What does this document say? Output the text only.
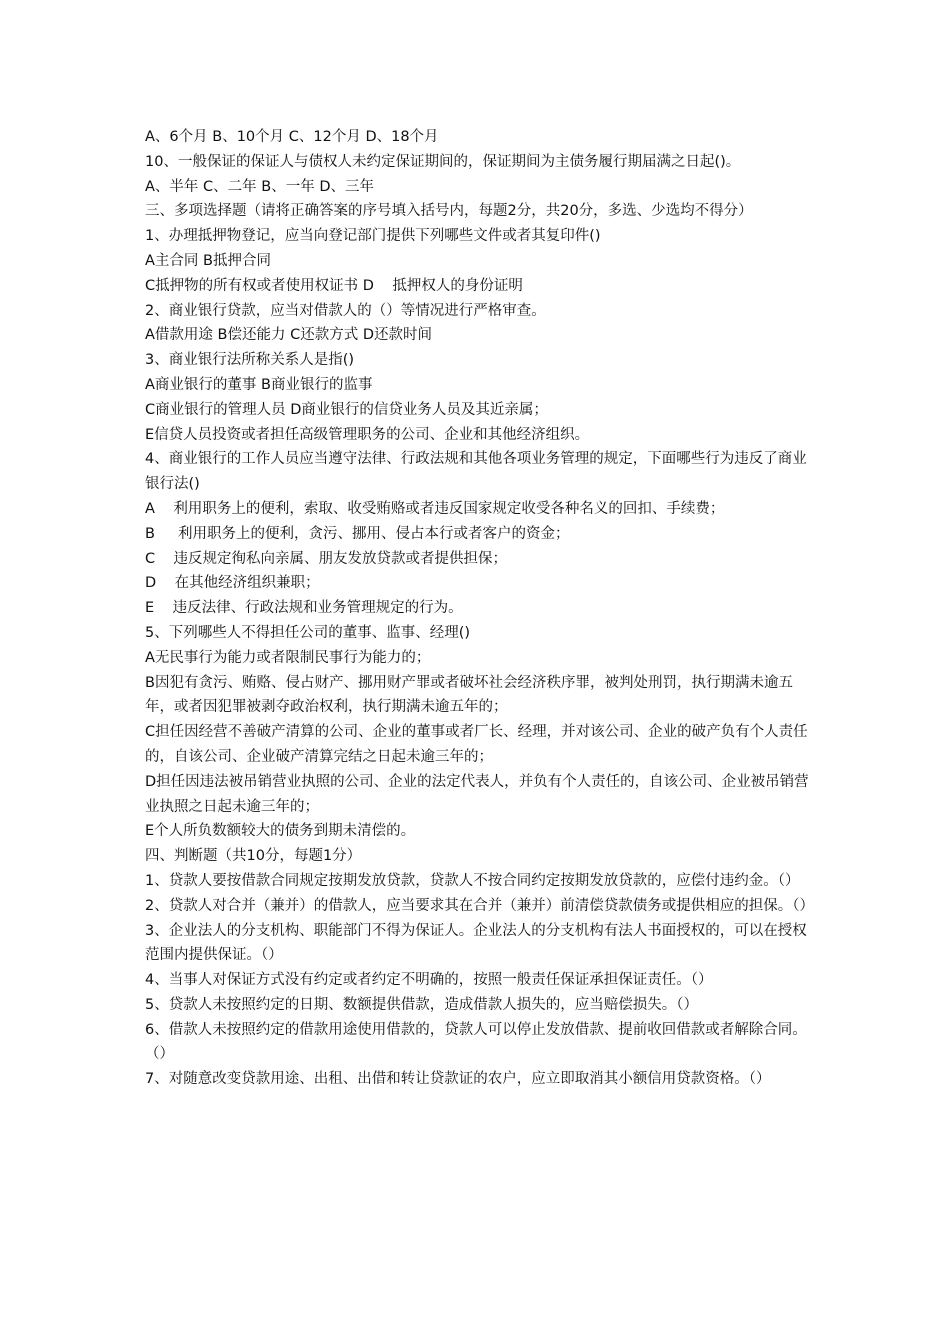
A、6个月 B、10个月 C、12个月 D、18个月

10、一般保证的保证人与债权人未约定保证期间的，保证期间为主债务履行期届满之日起()。

A、半年 C、二年 B、一年 D、三年

三、多项选择题（请将正确答案的序号填入括号内，每题2分，共20分，多选、少选均不得分）

1、办理抵押物登记，应当向登记部门提供下列哪些文件或者其复印件()

A主合同 B抵押合同

C抵押物的所有权或者使用权证书 D    抵押权人的身份证明

2、商业银行贷款，应当对借款人的（）等情况进行严格审查。

A借款用途 B偿还能力 C还款方式 D还款时间

3、商业银行法所称关系人是指()

A商业银行的董事 B商业银行的监事

C商业银行的管理人员 D商业银行的信贷业务人员及其近亲属；

E信贷人员投资或者担任高级管理职务的公司、企业和其他经济组织。

4、商业银行的工作人员应当遵守法律、行政法规和其他各项业务管理的规定，下面哪些行为违反了商业银行法()

A    利用职务上的便利，索取、收受贿赂或者违反国家规定收受各种名义的回扣、手续费；

B     利用职务上的便利，贪污、挪用、侵占本行或者客户的资金；

C    违反规定徇私向亲属、朋友发放贷款或者提供担保；

D    在其他经济组织兼职；

E    违反法律、行政法规和业务管理规定的行为。

5、下列哪些人不得担任公司的董事、监事、经理()

A无民事行为能力或者限制民事行为能力的；

B因犯有贪污、贿赂、侵占财产、挪用财产罪或者破坏社会经济秩序罪，被判处刑罚，执行期满未逾五年，或者因犯罪被剥夺政治权利，执行期满未逾五年的；

C担任因经营不善破产清算的公司、企业的董事或者厂长、经理，并对该公司、企业的破产负有个人责任的，自该公司、企业破产清算完结之日起未逾三年的；

D担任因违法被吊销营业执照的公司、企业的法定代表人，并负有个人责任的，自该公司、企业被吊销营业执照之日起未逾三年的；

E个人所负数额较大的债务到期未清偿的。

四、判断题（共10分，每题1分）

1、贷款人要按借款合同规定按期发放贷款，贷款人不按合同约定按期发放贷款的，应偿付违约金。（）

2、贷款人对合并（兼并）的借款人，应当要求其在合并（兼并）前清偿贷款债务或提供相应的担保。（）

3、企业法人的分支机构、职能部门不得为保证人。企业法人的分支机构有法人书面授权的，可以在授权范围内提供保证。（）

4、当事人对保证方式没有约定或者约定不明确的，按照一般责任保证承担保证责任。（）

5、贷款人未按照约定的日期、数额提供借款，造成借款人损失的，应当赔偿损失。（）

6、借款人未按照约定的借款用途使用借款的，贷款人可以停止发放借款、提前收回借款或者解除合同。（）

7、对随意改变贷款用途、出租、出借和转让贷款证的农户，应立即取消其小额信用贷款资格。（）
